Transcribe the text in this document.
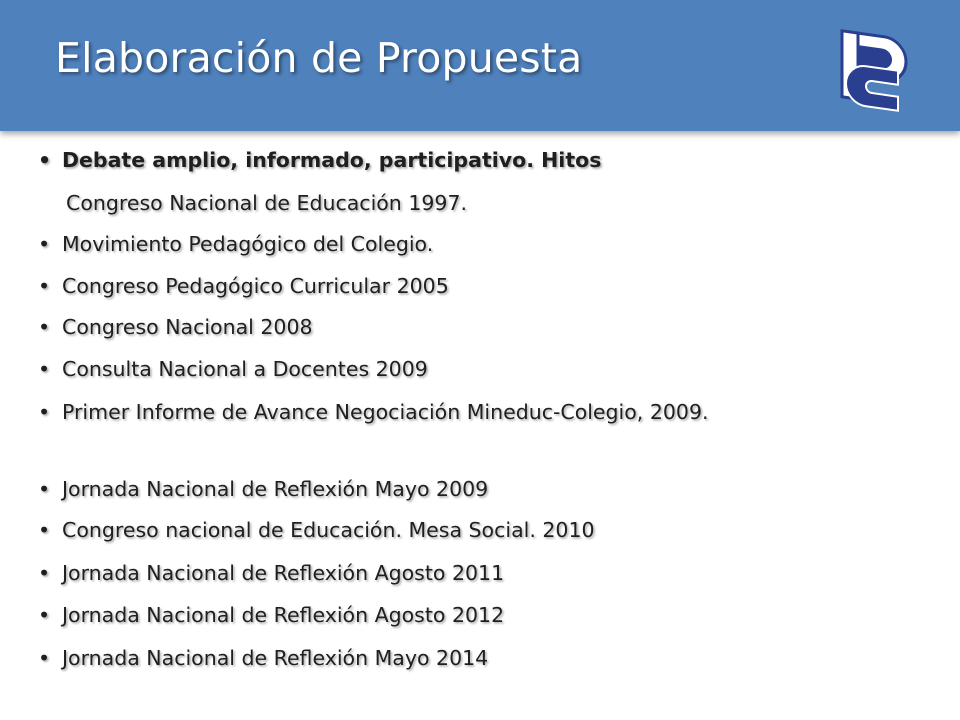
Elaboración de Propuesta
• Debate amplio, informado, participativo. Hitos
Congreso Nacional de Educación 1997.
• Movimiento Pedagógico del Colegio.
• Congreso Pedagógico Curricular 2005
• Congreso Nacional 2008
• Consulta Nacional a Docentes 2009
• Primer Informe de Avance Negociación Mineduc-Colegio, 2009.
• Jornada Nacional de Reflexión Mayo 2009
• Congreso nacional de Educación. Mesa Social. 2010
• Jornada Nacional de Reflexión Agosto 2011
• Jornada Nacional de Reflexión Agosto 2012
• Jornada Nacional de Reflexión Mayo 2014
